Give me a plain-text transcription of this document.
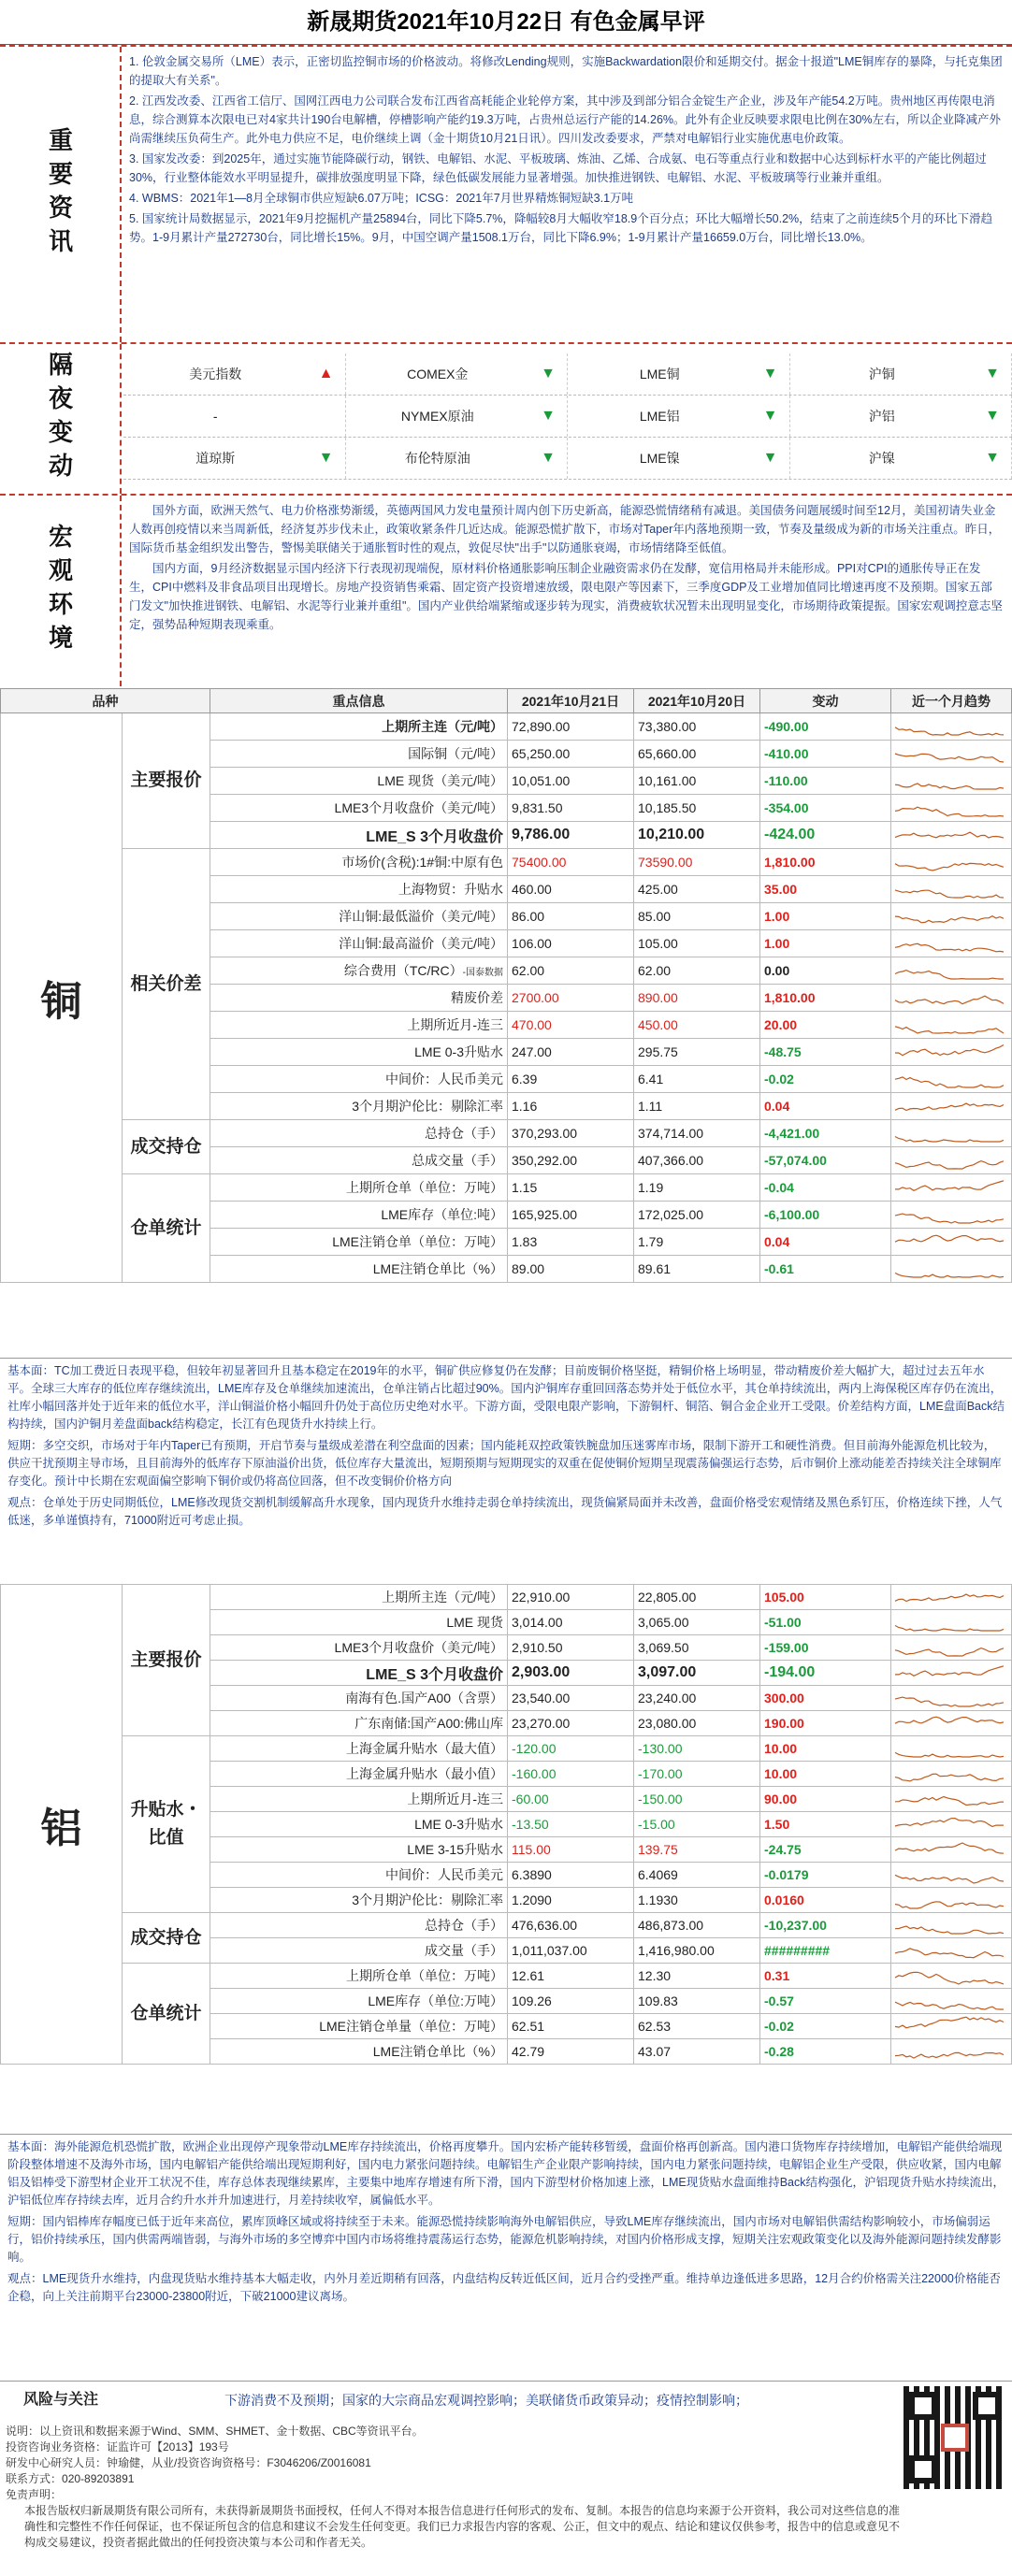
新晟期货2021年10月22日 有色金属早评
重要资讯

1. 伦敦金属交易所（LME）表示，正密切监控铜市场的价格波动。将修改Lending规则，实施Backwardation限价和延期交付。据金十报道"LME铜库存的暴降，与托克集团的提取大有关系"。

2. 江西发改委、江西省工信厅、国网江西电力公司联合发布江西省高耗能企业轮停方案，其中涉及到部分铝合金锭生产企业，涉及年产能54.2万吨。贵州地区再传限电消息，综合测算本次限电已对4家共计190台电解槽，停槽影响产能约19.3万吨，占贵州总运行产能的14.26%。此外有企业反映要求限电比例在30%左右，所以企业降减产外尚需继续压负荷生产。此外电力供应不足，电价继续上调（金十期货10月21日讯）。四川发改委要求，严禁对电解铝行业实施优惠电价政策。

3. 国家发改委：到2025年，通过实施节能降碳行动，钢铁、电解铝、水泥、平板玻璃、炼油、乙烯、合成氨、电石等重点行业和数据中心达到标杆水平的产能比例超过30%，行业整体能效水平明显提升，碳排放强度明显下降，绿色低碳发展能力显著增强。加快推进钢铁、电解铝、水泥、平板玻璃等行业兼并重组。

4. WBMS：2021年1—8月全球铜市供应短缺6.07万吨；ICSG：2021年7月世界精炼铜短缺3.1万吨

5. 国家统计局数据显示，2021年9月挖掘机产量25894台，同比下降5.7%，降幅较8月大幅收窄18.9个百分点；环比大幅增长50.2%，结束了之前连续5个月的环比下滑趋势。1-9月累计产量272730台，同比增长15%。9月，中国空调产量1508.1万台，同比下降6.9%；1-9月累计产量16659.0万台，同比增长13.0%。

隔夜变动	美元指数	▲	COMEX金	▼	LME铜	▼	沪铜	▼
-	NYMEX原油	▼	LME铝	▼	沪铝	▼
道琼斯	▼	布伦特原油	▼	LME镍	▼	沪镍	▼
宏观环境

国外方面，欧洲天然气、电力价格涨势渐缓，英德两国风力发电量预计周内创下历史新高，能源恐慌情绪稍有减退。美国债务问题展缓时间至12月，美国初请失业金人数再创疫情以来当周新低，经济复苏步伐未止，政策收紧条件几近达成。能源恐慌扩散下，市场对Taper年内落地预期一致，节奏及量级成为新的市场关注重点。昨日，国际货币基金组织发出警告，警惕美联储关于通胀暂时性的观点，敦促尽快"出手"以防通胀衰竭，市场情绪降至低值。

国内方面，9月经济数据显示国内经济下行表现初现端倪，原材料价格通胀影响压制企业融资需求仍在发酵，宽信用格局并未能形成。PPI对CPI的通胀传导正在发生，CPI中燃料及非食品项目出现增长。房地产投资销售乘霜、固定资产投资增速放缓，限电限产等因素下，三季度GDP及工业增加值同比增速再度不及预期。国家五部门发文"加快推进钢铁、电解铝、水泥等行业兼并重组"。国内产业供给端紧缩或逐步转为现实，消费疲软状况暂未出现明显变化，市场期待政策提振。国家宏观调控意志坚定，强势品种短期表现乘重。

品种		重点信息	2021年10月21日	2021年10月20日	变动	近一个月趋势
铜	主要报价	上期所主连（元/吨）	72,890.00	73,380.00	-490.00	

		国际铜（元/吨）	65,250.00	65,660.00	-410.00	

		LME 现货（美元/吨）	10,051.00	10,161.00	-110.00	

		LME3个月收盘价（美元/吨）	9,831.50	10,185.50	-354.00	

		LME_S 3个月收盘价	9,786.00	10,210.00	-424.00	

	相关价差	市场价(含税):1#铜:中原有色	75400.00	73590.00	1,810.00	

		上海物贸：升贴水	460.00	425.00	35.00	

		洋山铜:最低溢价（美元/吨）	86.00	85.00	1.00	

		洋山铜:最高溢价（美元/吨）	106.00	105.00	1.00	

		综合费用（TC/RC）-国泰数据	62.00	62.00	0.00	

		精废价差	2700.00	890.00	1,810.00	

		上期所近月-连三	470.00	450.00	20.00	

		LME 0-3升贴水	247.00	295.75	-48.75	

		中间价：人民币美元	6.39	6.41	-0.02	

		3个月期沪伦比：剔除汇率	1.16	1.11	0.04	

	成交持仓	总持仓（手）	370,293.00	374,714.00	-4,421.00	

		总成交量（手）	350,292.00	407,366.00	-57,074.00	

	仓单统计	上期所仓单（单位：万吨）	1.15	1.19	-0.04	

		LME库存（单位:吨）	165,925.00	172,025.00	-6,100.00	

		LME注销仓单（单位：万吨）	1.83	1.79	0.04	

		LME注销仓单比（%）	89.00	89.61	-0.61	

基本面：TC加工费近日表现平稳，但较年初显著回升且基本稳定在2019年的水平，铜矿供应修复仍在发酵；目前废铜价格坚挺，精铜价格上场明显，带动精废价差大幅扩大，超过过去五年水平。全球三大库存的低位库存继续流出，LME库存及仓单继续加速流出，仓单注销占比超过90%。国内沪铜库存重回回落态势并处于低位水平，其仓单持续流出，两内上海保税区库存仍在流出，社库小幅回落并处于近年来的低位水平，洋山铜溢价格小幅回升仍处于高位历史绝对水平。下游方面，受限电限产影响，下游铜杆、铜箔、铜合金企业开工受限。价差结构方面，LME盘面Back结构持续，国内沪铜月差盘面back结构稳定，长江有色现货升水持续上行。

短期：多空交织，市场对于年内Taper已有预期，开启节奏与量级成差潜在利空盘面的因素；国内能耗双控政策铁腕盘加压迷雾库市场，限制下游开工和硬性消费。但目前海外能源危机比较为，供应干扰预期主导市场，且目前海外的低库存下原油溢价出货，低位库存大量流出，短期预期与短期现实的双重在促使铜价短期呈现震荡偏强运行态势，后市铜价上涨动能差否持续关注全球铜库存变化。预计中长期在宏观面偏空影响下铜价或仍将高位回落，但不改变铜价价格方向

观点：仓单处于历史同期低位，LME修改现货交割机制缓解高升水现象，国内现货升水维持走弱仓单持续流出，现货偏紧局面并未改善，盘面价格受宏观情绪及黑色系钉压，价格连续下挫，人气低迷，多单谨慎持有，71000附近可考虑止损。

铝	主要报价	上期所主连（元/吨）	22,910.00	22,805.00	105.00	

		LME 现货	3,014.00	3,065.00	-51.00	

		LME3个月收盘价（美元/吨）	2,910.50	3,069.50	-159.00	

		LME_S 3个月收盘价	2,903.00	3,097.00	-194.00	

		南海有色.国产A00（含票）	23,540.00	23,240.00	300.00	

		广东南储:国产A00:佛山库	23,270.00	23,080.00	190.00	

	升贴水・比值	上海金属升贴水（最大值）	-120.00	-130.00	10.00	

		上海金属升贴水（最小值）	-160.00	-170.00	10.00	

		上期所近月-连三	-60.00	-150.00	90.00	

		LME 0-3升贴水	-13.50	-15.00	1.50	

		LME 3-15升贴水	115.00	139.75	-24.75	

		中间价：人民币美元	6.3890	6.4069	-0.0179	

		3个月期沪伦比：剔除汇率	1.2090	1.1930	0.0160	

	成交持仓	总持仓（手）	476,636.00	486,873.00	-10,237.00	

		成交量（手）	1,011,037.00	1,416,980.00	#########	

	仓单统计	上期所仓单（单位：万吨）	12.61	12.30	0.31	

		LME库存（单位:万吨）	109.26	109.83	-0.57	

		LME注销仓单量（单位：万吨）	62.51	62.53	-0.02	

		LME注销仓单比（%）	42.79	43.07	-0.28	

基本面：海外能源危机恐慌扩散，欧洲企业出现停产现象带动LME库存持续流出，价格再度攀升。国内宏桥产能转移暂缓，盘面价格再创新高。国内港口货物库存持续增加，电解铝产能供给端现阶段整体增速不及海外市场，国内电解铝产能供给端出现短期利好，国内电力紧张问题持续。电解铝生产企业限产影响持续，国内电力紧张问题持续，电解铝企业生产受限，供应收紧，国内电解铝及铝棒受下游型材企业开工状况不佳，库存总体表现继续累库，主要集中地库存增速有所下滑，国内下游型材价格加速上涨，LME现货贴水盘面维持Back结构强化，沪铝现货升贴水持续流出，沪铝低位库存持续去库，近月合约升水并升加速进行，月差持续收窄，属偏低水平。

短期：国内铝棒库存幅度已低于近年来高位，累库顶峰区域或将持续至于未来。能源恐慌持续影响海外电解铝供应，导致LME库存继续流出，国内市场对电解铝供需结构影响较小，市场偏弱运行，铝价持续承压，国内供需两端皆弱，与海外市场的多空博弈中国内市场将维持震荡运行态势，能源危机影响持续，对国内价格形成支撑，短期关注宏观政策变化以及海外能源问题持续发酵影响。

观点：LME现货升水维持，内盘现货贴水维持基本大幅走收，内外月差近期稍有回落，内盘结构反转近低区间，近月合约受挫严重。维持单边逢低进多思路，12月合约价格需关注22000价格能否企稳，向上关注前期平台23000-23800附近，下破21000建议离场。

风险与关注	下游消费不及预期；国家的大宗商品宏观调控影响；美联储货币政策异动；疫情控制影响；
说明：以上资讯和数据来源于Wind、SMM、SHMET、金十数据、CBC等资讯平台。
投资咨询业务资格：证监许可【2013】193号
研发中心研究人员：钟瑜健，从业/投资咨询资格号：F3046206/Z0016081
联系方式：020-89203891
免责声明：
本报告版权归新晟期货有限公司所有，未获得新晟期货书面授权，任何人不得对本报告信息进行任何形式的发布、复制。本报告的信息均来源于公开资料，我公司对这些信息的准确性和完整性不作任何保证，也不保证所包含的信息和建议不会发生任何变更。我们已力求报告内容的客观、公正，但文中的观点、结论和建议仅供参考，报告中的信息或意见不构成交易建议，投资者据此做出的任何投资决策与本公司和作者无关。
